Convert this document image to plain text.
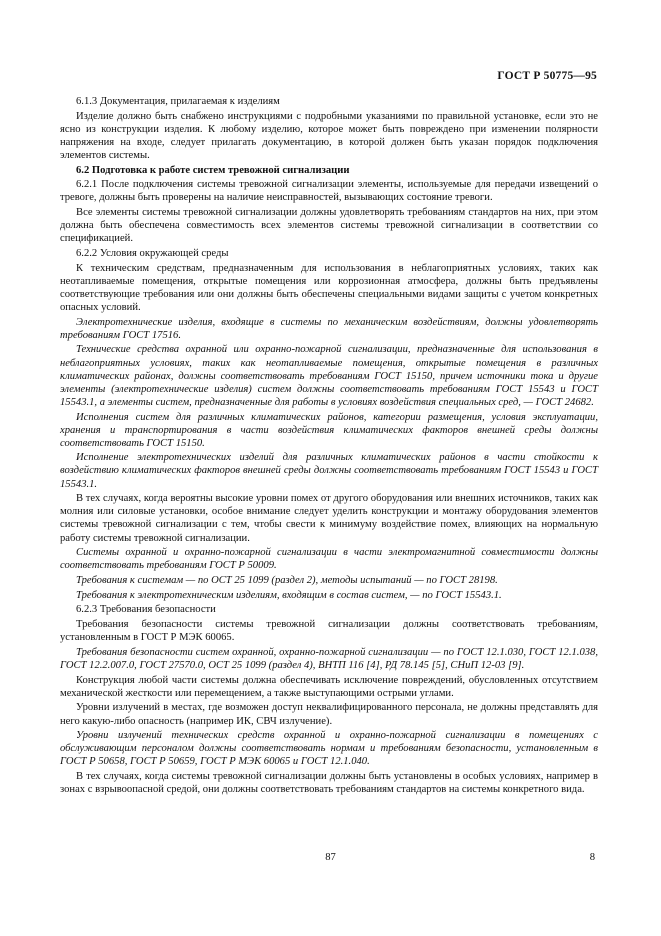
ГОСТ Р 50775—95

6.1.3 Документация, прилагаемая к изделиям

Изделие должно быть снабжено инструкциями с подробными указаниями по правильной установке, если это не ясно из конструкции изделия. К любому изделию, которое может быть повреждено при изменении полярности напряжения на входе, следует прилагать документацию, в которой должен быть указан порядок подключения элементов системы.

6.2 Подготовка к работе систем тревожной сигнализации

6.2.1 После подключения системы тревожной сигнализации элементы, используемые для передачи извещений о тревоге, должны быть проверены на наличие неисправностей, вызывающих состояние тревоги.

Все элементы системы тревожной сигнализации должны удовлетворять требованиям стандартов на них, при этом должна быть обеспечена совместимость всех элементов системы тревожной сигнализации в соответствии со спецификацией.

6.2.2 Условия окружающей среды

К техническим средствам, предназначенным для использования в неблагоприятных условиях, таких как неотапливаемые помещения, открытые помещения или коррозионная атмосфера, должны быть предъявлены соответствующие требования или они должны быть обеспечены специальными видами защиты с учетом конкретных опасных условий.

Электротехнические изделия, входящие в системы по механическим воздействиям, должны удовлетворять требованиям ГОСТ 17516.

Технические средства охранной или охранно-пожарной сигнализации, предназначенные для использования в неблагоприятных условиях, таких как неотапливаемые помещения, открытые помещения в различных климатических районах, должны соответствовать требованиям ГОСТ 15150, причем источники тока и другие элементы (электротехнические изделия) систем должны соответствовать требованиям ГОСТ 15543 и ГОСТ 15543.1, а элементы систем, предназначенные для работы в условиях воздействия специальных сред, — ГОСТ 24682.

Исполнения систем для различных климатических районов, категории размещения, условия эксплуатации, хранения и транспортирования в части воздействия климатических факторов внешней среды должны соответствовать ГОСТ 15150.

Исполнение электротехнических изделий для различных климатических районов в части стойкости к воздействию климатических факторов внешней среды должны соответствовать требованиям ГОСТ 15543 и ГОСТ 15543.1.

В тех случаях, когда вероятны высокие уровни помех от другого оборудования или внешних источников, таких как молния или силовые установки, особое внимание следует уделить конструкции и монтажу оборудования элементов системы тревожной сигнализации с тем, чтобы свести к минимуму воздействие помех, влияющих на нормальную работу системы тревожной сигнализации.

Системы охранной и охранно-пожарной сигнализации в части электромагнитной совместимости должны соответствовать требованиям ГОСТ Р 50009.

Требования к системам — по ОСТ 25 1099 (раздел 2), методы испытаний — по ГОСТ 28198.

Требования к электротехническим изделиям, входящим в состав систем, — по ГОСТ 15543.1.

6.2.3 Требования безопасности

Требования безопасности системы тревожной сигнализации должны соответствовать требованиям, установленным в ГОСТ Р МЭК 60065.

Требования безопасности систем охранной, охранно-пожарной сигнализации — по ГОСТ 12.1.030, ГОСТ 12.1.038, ГОСТ 12.2.007.0, ГОСТ 27570.0, ОСТ 25 1099 (раздел 4), ВНТП 116 [4], РД 78.145 [5], СНиП 12-03 [9].

Конструкция любой части системы должна обеспечивать исключение повреждений, обусловленных отсутствием механической жесткости или перемещением, а также выступающими острыми углами.

Уровни излучений в местах, где возможен доступ неквалифицированного персонала, не должны представлять для него какую-либо опасность (например ИК, СВЧ излучение).

Уровни излучений технических средств охранной и охранно-пожарной сигнализации в помещениях с обслуживающим персоналом должны соответствовать нормам и требованиям безопасности, установленным в ГОСТ Р 50658, ГОСТ Р 50659, ГОСТ Р МЭК 60065 и ГОСТ 12.1.040.

В тех случаях, когда системы тревожной сигнализации должны быть установлены в особых условиях, например в зонах с взрывоопасной средой, они должны соответствовать требованиям стандартов на системы конкретного вида.

87	8
